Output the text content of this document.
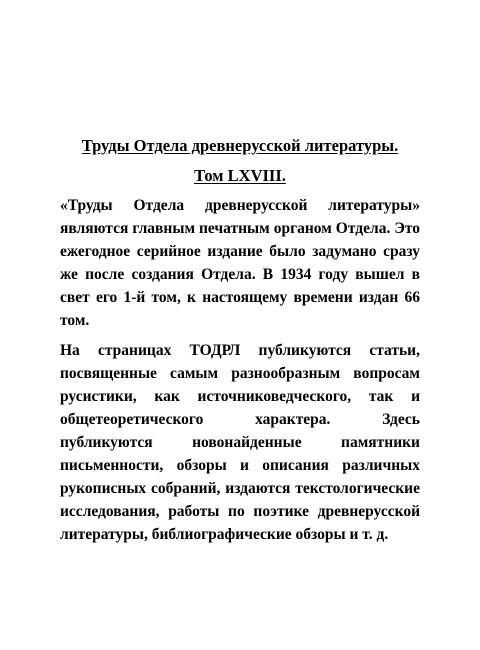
Труды Отдела древнерусской литературы.

Том LXVIII.

«Труды Отдела древнерусской литературы» являются главным печатным органом Отдела. Это ежегодное серийное издание было задумано сразу же после создания Отдела. В 1934 году вышел в свет его 1-й том, к настоящему времени издан 66 том.

На страницах ТОДРЛ публикуются статьи, посвященные самым разнообразным вопросам русистики, как источниковедческого, так и общетеоретического характера. Здесь публикуются новонайденные памятники письменности, обзоры и описания различных рукописных собраний, издаются текстологические исследования, работы по поэтике древнерусской литературы, библиографические обзоры и т. д.
